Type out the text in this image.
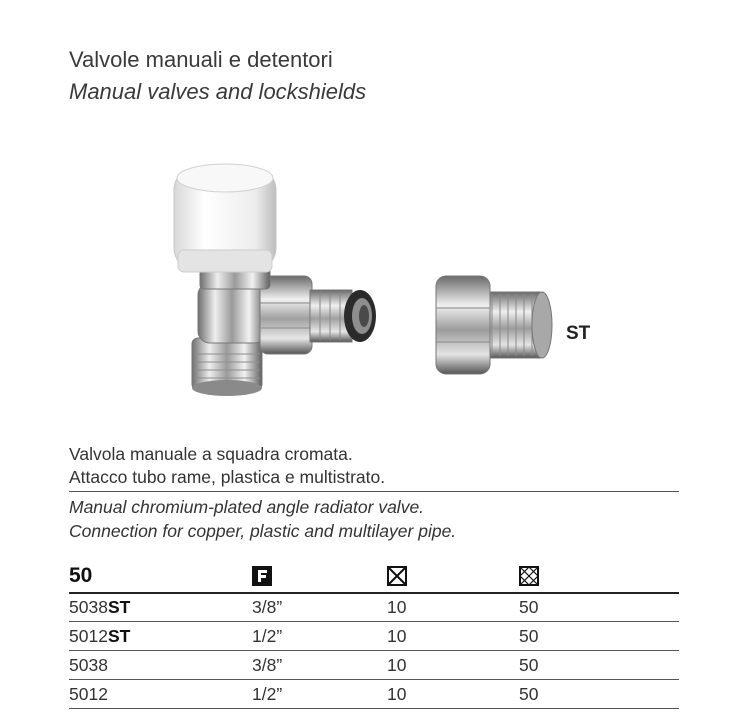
Valvole manuali e detentori
Manual valves and lockshields
ST
Valvola manuale a squadra cromata.
Attacco tubo rame, plastica e multistrato.
Manual chromium-plated angle radiator valve.
Connection for copper, plastic and multilayer pipe.
50
5038ST	3/8”	10	50
5012ST	1/2”	10	50
5038	3/8”	10	50
5012	1/2”	10	50
